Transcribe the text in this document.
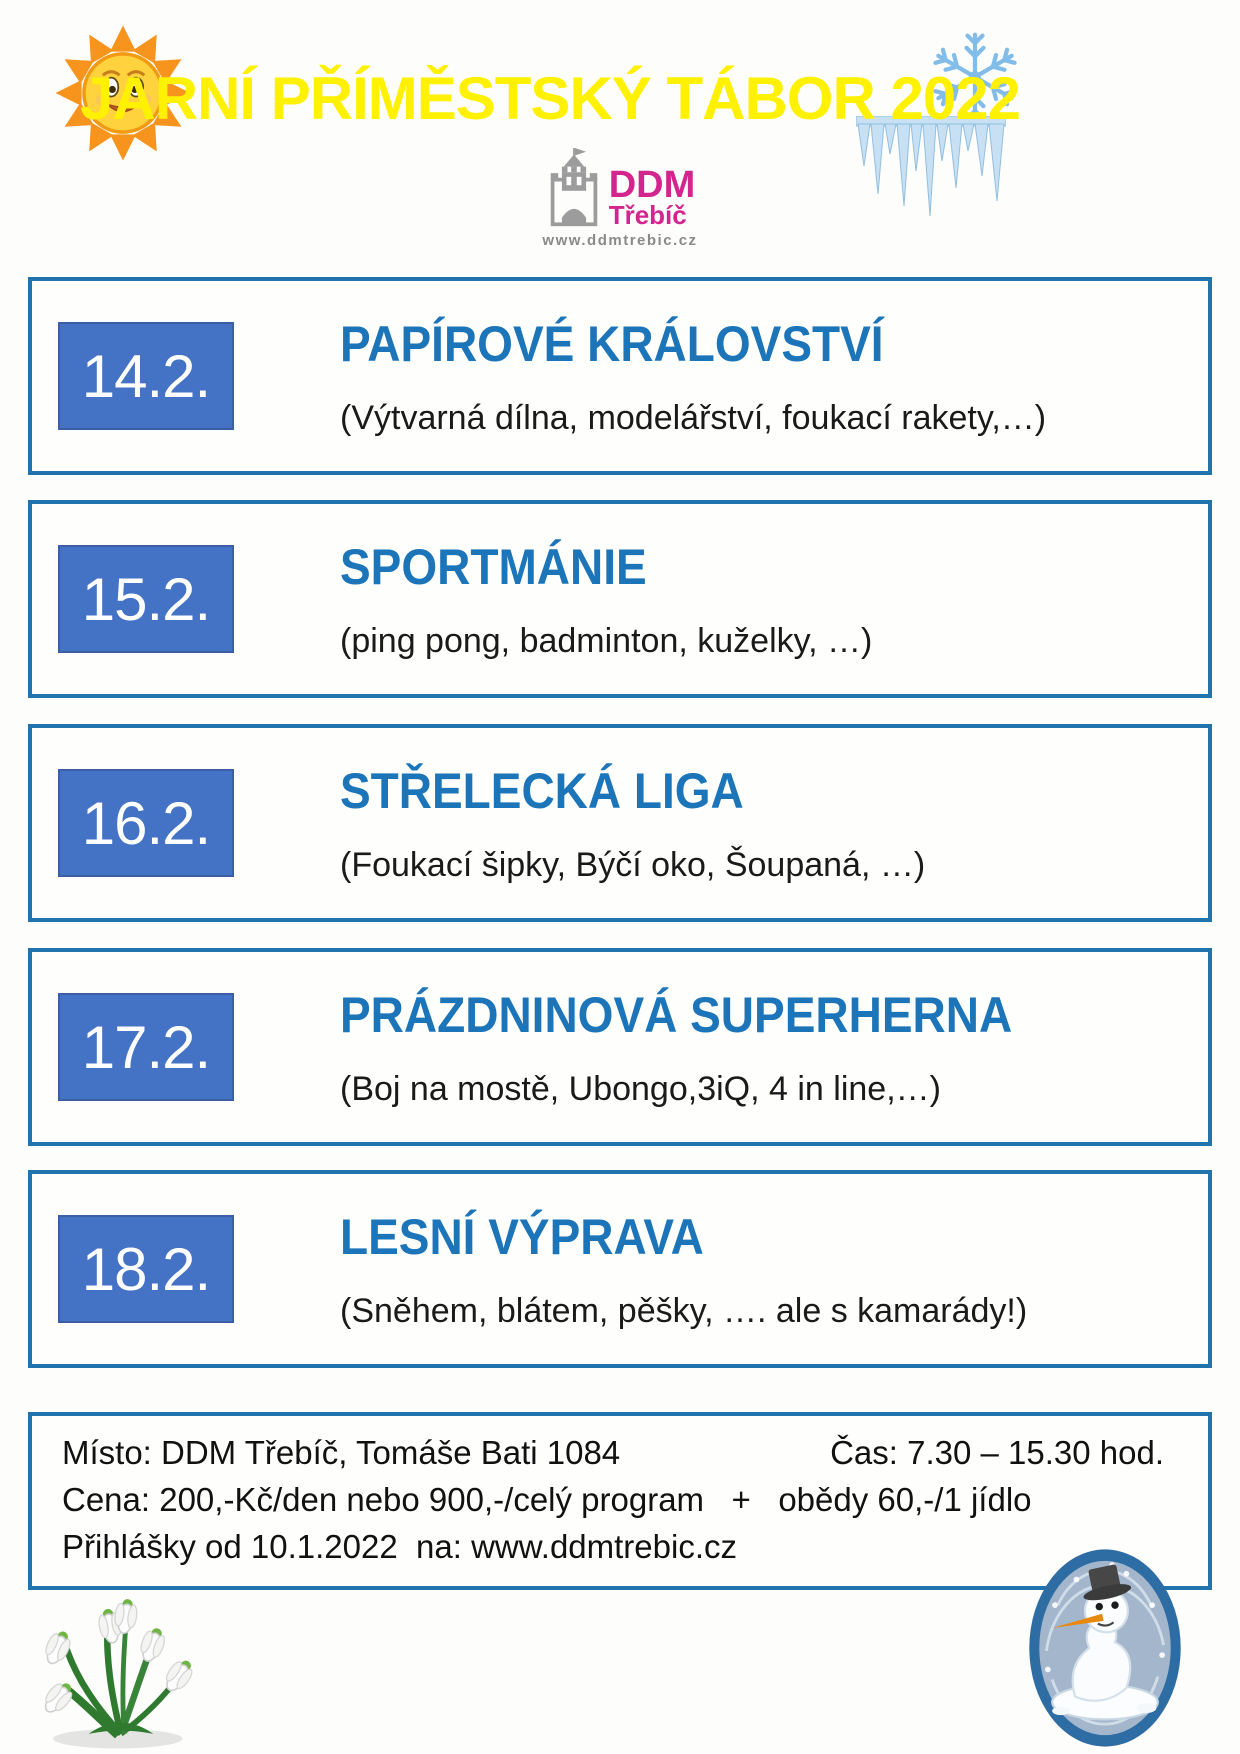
JARNÍ PŘÍMĚSTSKÝ TÁBOR 2022
DDM
Třebíč
www.ddmtrebic.cz
14.2.	PAPÍROVÉ KRÁLOVSTVÍ
(Výtvarná dílna, modelářství, foukací rakety,…)
15.2.	SPORTMÁNIE
(ping pong, badminton, kuželky, …)
16.2.	STŘELECKÁ LIGA
(Foukací šipky, Býčí oko, Šoupaná, …)
17.2.	PRÁZDNINOVÁ SUPERHERNA
(Boj na mostě, Ubongo,3iQ, 4 in line,…)
18.2.	LESNÍ VÝPRAVA
(Sněhem, blátem, pěšky, …. ale s kamarády!)
Místo: DDM Třebíč, Tomáše Bati 1084	Čas: 7.30 – 15.30 hod.
Cena: 200,-Kč/den nebo 900,-/celý program   +   obědy 60,-/1 jídlo
Přihlášky od 10.1.2022  na: www.ddmtrebic.cz
